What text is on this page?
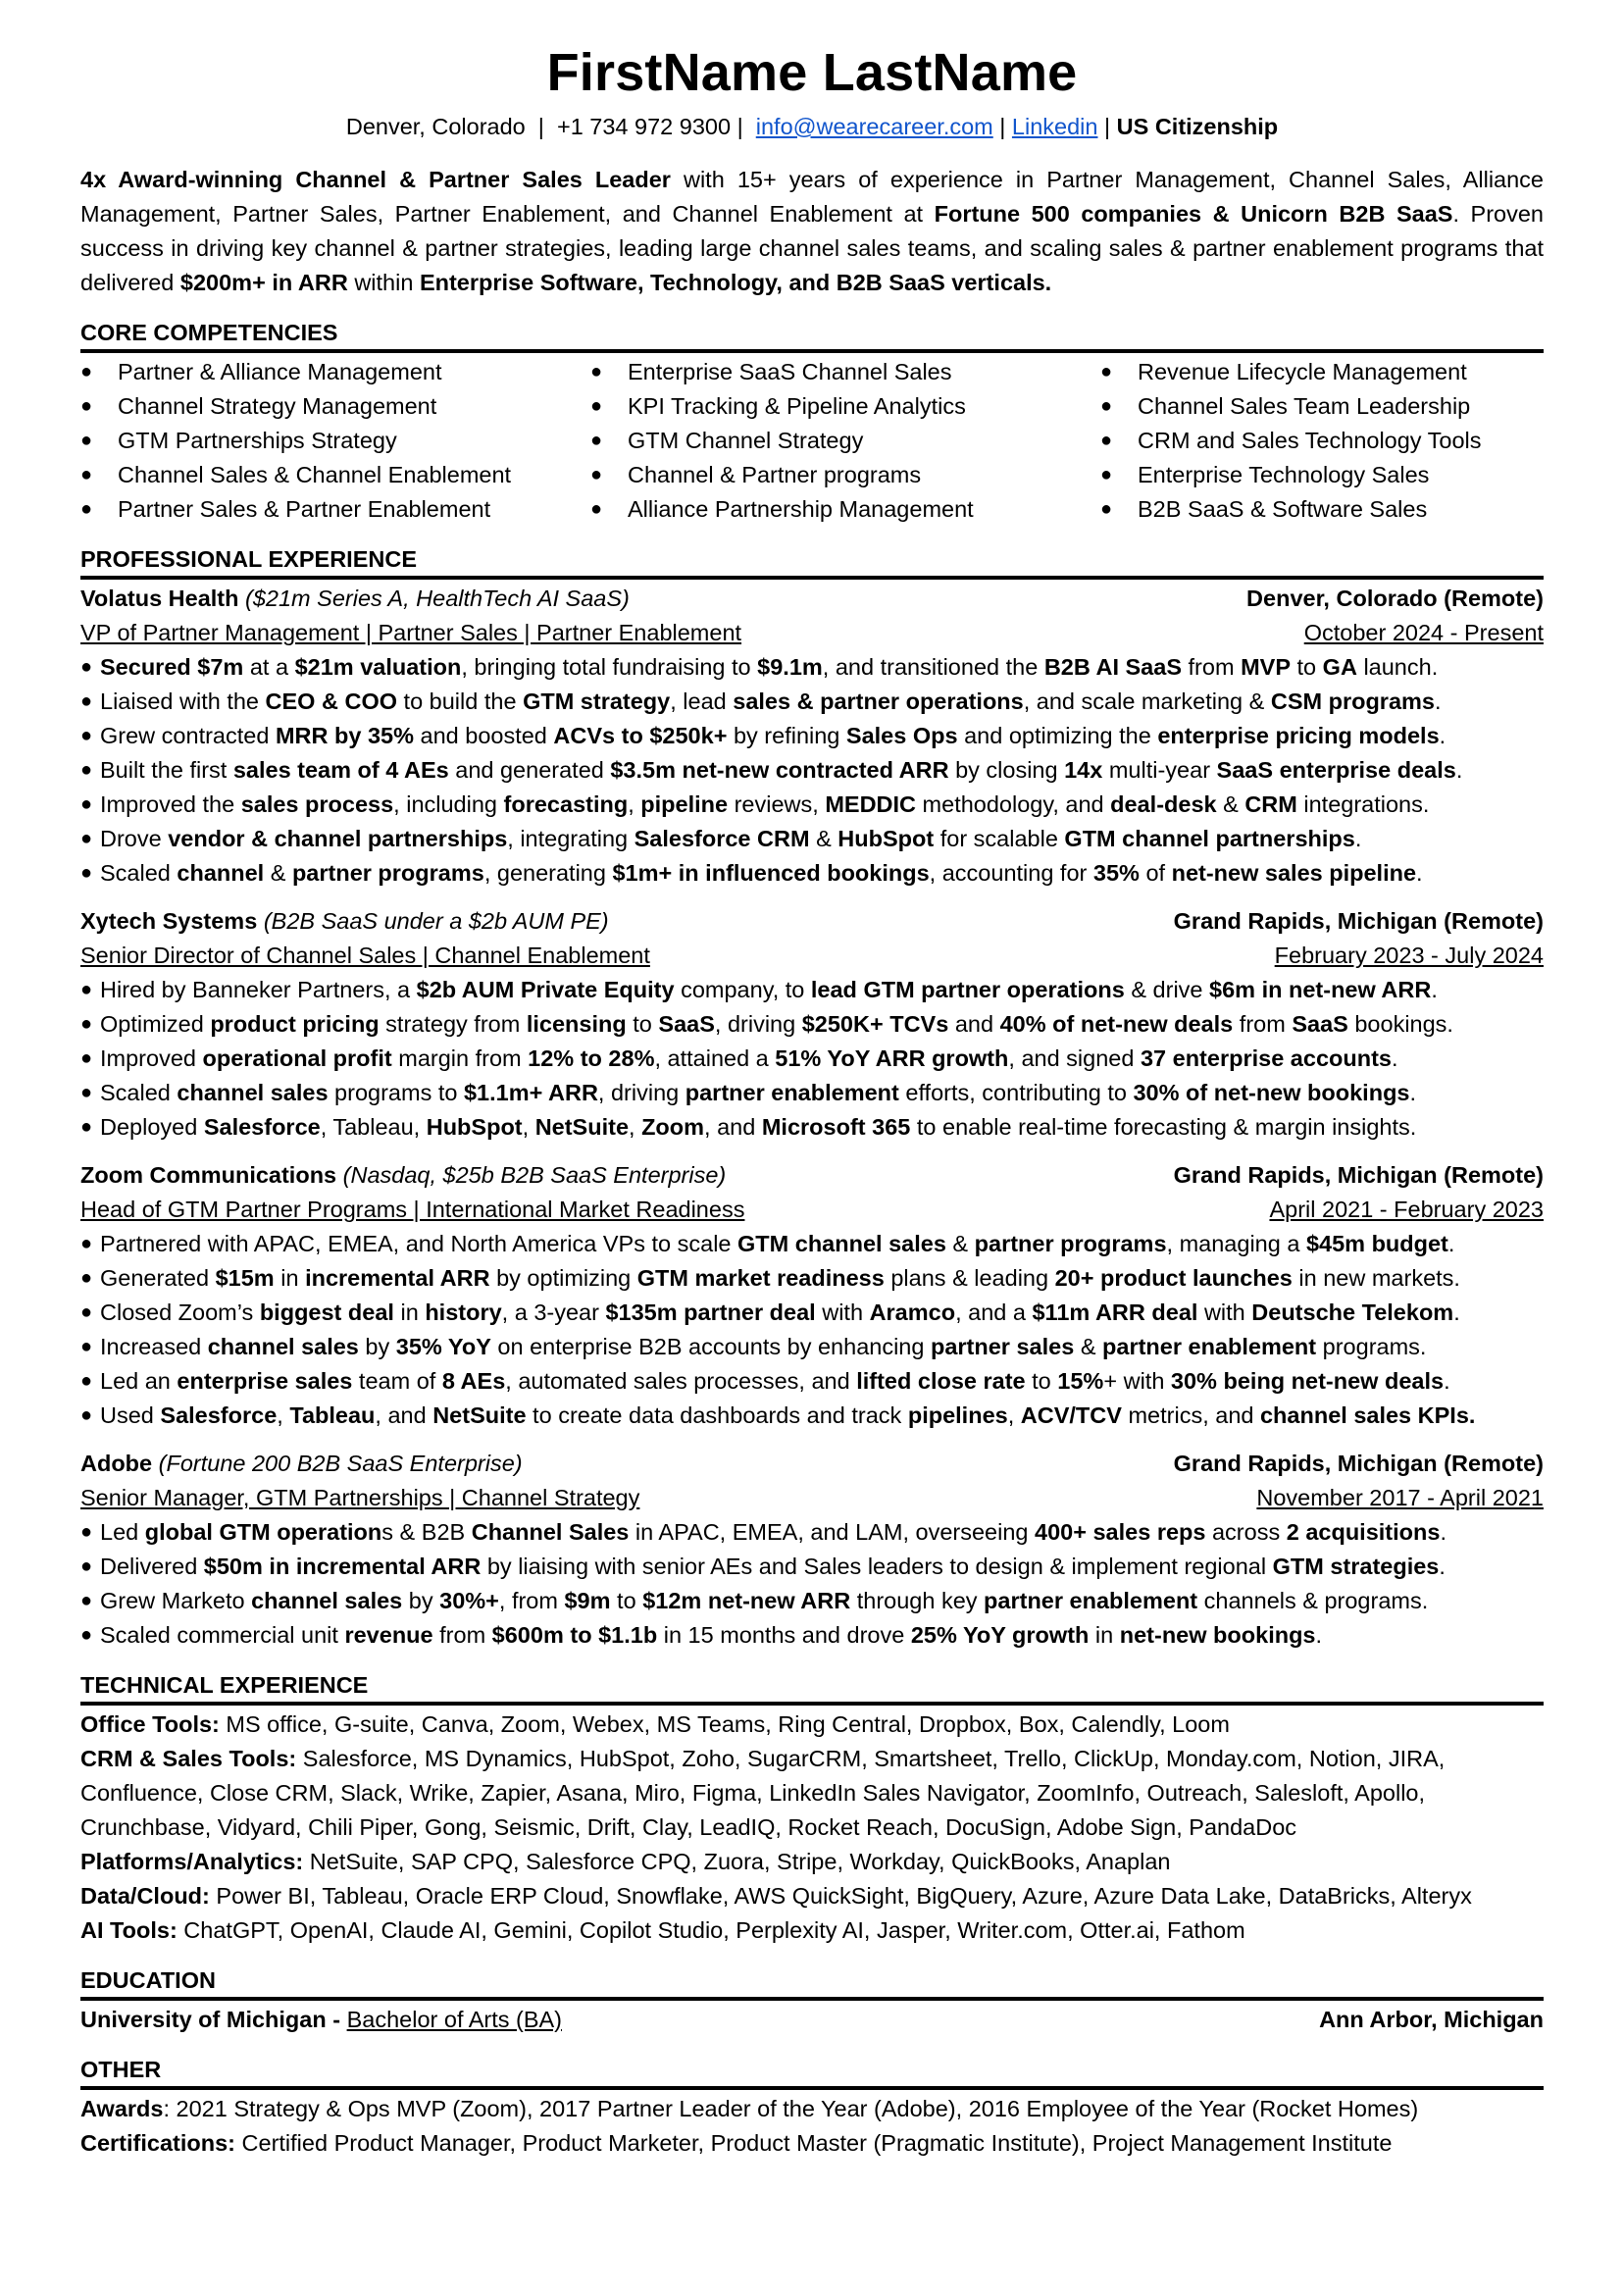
FirstName LastName
Denver, Colorado | +1 734 972 9300 | info@wearecareer.com | Linkedin | US Citizenship
4x Award-winning Channel & Partner Sales Leader with 15+ years of experience in Partner Management, Channel Sales, Alliance Management, Partner Sales, Partner Enablement, and Channel Enablement at Fortune 500 companies & Unicorn B2B SaaS. Proven success in driving key channel & partner strategies, leading large channel sales teams, and scaling sales & partner enablement programs that delivered $200m+ in ARR within Enterprise Software, Technology, and B2B SaaS verticals.
CORE COMPETENCIES
●	Partner & Alliance Management
●	Channel Strategy Management
●	GTM Partnerships Strategy
●	Channel Sales & Channel Enablement
●	Partner Sales & Partner Enablement
●	Enterprise SaaS Channel Sales
●	KPI Tracking & Pipeline Analytics
●	GTM Channel Strategy
●	Channel & Partner programs
●	Alliance Partnership Management
●	Revenue Lifecycle Management
●	Channel Sales Team Leadership
●	CRM and Sales Technology Tools
●	Enterprise Technology Sales
●	B2B SaaS & Software Sales
PROFESSIONAL EXPERIENCE
Volatus Health ($21m Series A, HealthTech AI SaaS)	Denver, Colorado (Remote)
VP of Partner Management | Partner Sales | Partner Enablement	October 2024 - Present
● Secured $7m at a $21m valuation, bringing total fundraising to $9.1m, and transitioned the B2B AI SaaS from MVP to GA launch.
● Liaised with the CEO & COO to build the GTM strategy, lead sales & partner operations, and scale marketing & CSM programs.
● Grew contracted MRR by 35% and boosted ACVs to $250k+ by refining Sales Ops and optimizing the enterprise pricing models.
● Built the first sales team of 4 AEs and generated $3.5m net-new contracted ARR by closing 14x multi-year SaaS enterprise deals.
● Improved the sales process, including forecasting, pipeline reviews, MEDDIC methodology, and deal-desk & CRM integrations.
● Drove vendor & channel partnerships, integrating Salesforce CRM & HubSpot for scalable GTM channel partnerships.
● Scaled channel & partner programs, generating $1m+ in influenced bookings, accounting for 35% of net-new sales pipeline.
Xytech Systems (B2B SaaS under a $2b AUM PE)	Grand Rapids, Michigan (Remote)
Senior Director of Channel Sales | Channel Enablement	February 2023 - July 2024
● Hired by Banneker Partners, a $2b AUM Private Equity company, to lead GTM partner operations & drive $6m in net-new ARR.
● Optimized product pricing strategy from licensing to SaaS, driving $250K+ TCVs and 40% of net-new deals from SaaS bookings.
● Improved operational profit margin from 12% to 28%, attained a 51% YoY ARR growth, and signed 37 enterprise accounts.
● Scaled channel sales programs to $1.1m+ ARR, driving partner enablement efforts, contributing to 30% of net-new bookings.
● Deployed Salesforce, Tableau, HubSpot, NetSuite, Zoom, and Microsoft 365 to enable real-time forecasting & margin insights.
Zoom Communications (Nasdaq, $25b B2B SaaS Enterprise)	Grand Rapids, Michigan (Remote)
Head of GTM Partner Programs | International Market Readiness	April 2021 - February 2023
● Partnered with APAC, EMEA, and North America VPs to scale GTM channel sales & partner programs, managing a $45m budget.
● Generated $15m in incremental ARR by optimizing GTM market readiness plans & leading 20+ product launches in new markets.
● Closed Zoom’s biggest deal in history, a 3-year $135m partner deal with Aramco, and a $11m ARR deal with Deutsche Telekom.
● Increased channel sales by 35% YoY on enterprise B2B accounts by enhancing partner sales & partner enablement programs.
● Led an enterprise sales team of 8 AEs, automated sales processes, and lifted close rate to 15%+ with 30% being net-new deals.
● Used Salesforce, Tableau, and NetSuite to create data dashboards and track pipelines, ACV/TCV metrics, and channel sales KPIs.
Adobe (Fortune 200 B2B SaaS Enterprise)	Grand Rapids, Michigan (Remote)
Senior Manager, GTM Partnerships | Channel Strategy	November 2017 - April 2021
● Led global GTM operations & B2B Channel Sales in APAC, EMEA, and LAM, overseeing 400+ sales reps across 2 acquisitions.
● Delivered $50m in incremental ARR by liaising with senior AEs and Sales leaders to design & implement regional GTM strategies.
● Grew Marketo channel sales by 30%+, from $9m to $12m net-new ARR through key partner enablement channels & programs.
● Scaled commercial unit revenue from $600m to $1.1b in 15 months and drove 25% YoY growth in net-new bookings.
TECHNICAL EXPERIENCE
Office Tools: MS office, G-suite, Canva, Zoom, Webex, MS Teams, Ring Central, Dropbox, Box, Calendly, Loom
CRM & Sales Tools: Salesforce, MS Dynamics, HubSpot, Zoho, SugarCRM, Smartsheet, Trello, ClickUp, Monday.com, Notion, JIRA, Confluence, Close CRM, Slack, Wrike, Zapier, Asana, Miro, Figma, LinkedIn Sales Navigator, ZoomInfo, Outreach, Salesloft, Apollo, Crunchbase, Vidyard, Chili Piper, Gong, Seismic, Drift, Clay, LeadIQ, Rocket Reach, DocuSign, Adobe Sign, PandaDoc
Platforms/Analytics: NetSuite, SAP CPQ, Salesforce CPQ, Zuora, Stripe, Workday, QuickBooks, Anaplan
Data/Cloud: Power BI, Tableau, Oracle ERP Cloud, Snowflake, AWS QuickSight, BigQuery, Azure, Azure Data Lake, DataBricks, Alteryx
AI Tools: ChatGPT, OpenAI, Claude AI, Gemini, Copilot Studio, Perplexity AI, Jasper, Writer.com, Otter.ai, Fathom
EDUCATION
University of Michigan - Bachelor of Arts (BA)	Ann Arbor, Michigan
OTHER
Awards: 2021 Strategy & Ops MVP (Zoom), 2017 Partner Leader of the Year (Adobe), 2016 Employee of the Year (Rocket Homes)
Certifications: Certified Product Manager, Product Marketer, Product Master (Pragmatic Institute), Project Management Institute
